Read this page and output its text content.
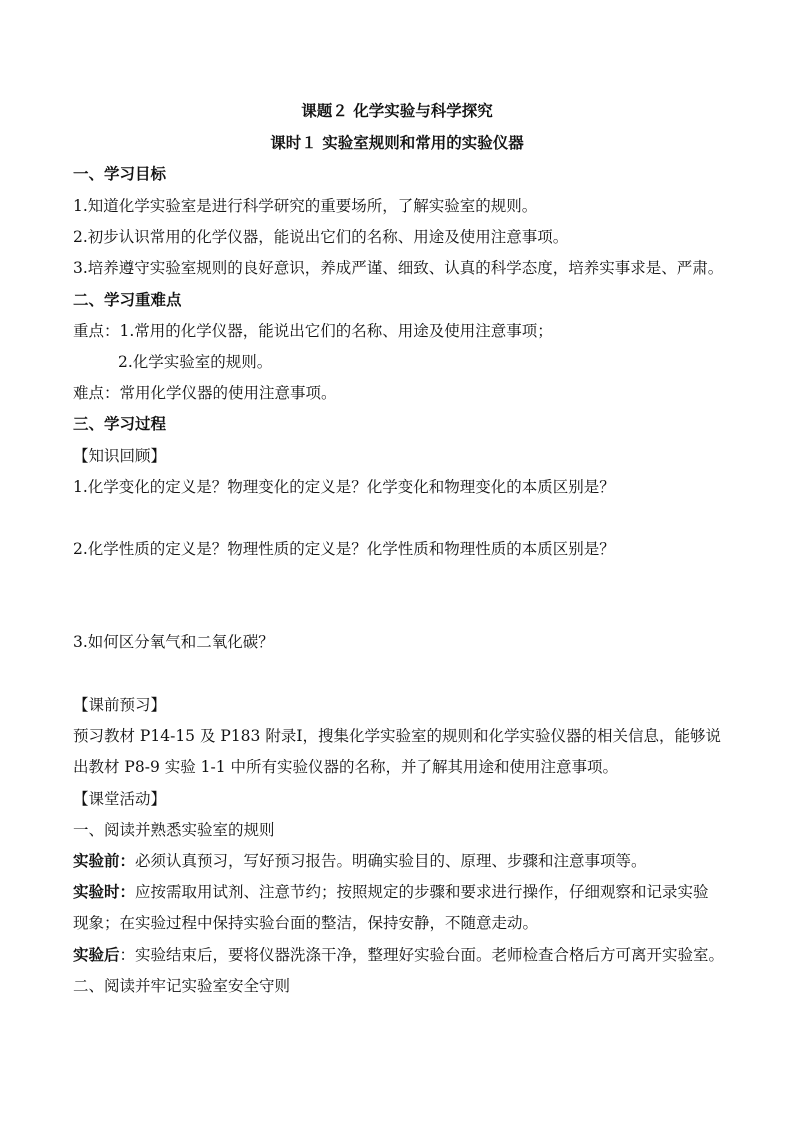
课题２ 化学实验与科学探究
课时１ 实验室规则和常用的实验仪器
一、学习目标
1.知道化学实验室是进行科学研究的重要场所，了解实验室的规则。
2.初步认识常用的化学仪器，能说出它们的名称、用途及使用注意事项。
3.培养遵守实验室规则的良好意识，养成严谨、细致、认真的科学态度，培养实事求是、严肃。
二、学习重难点
重点：1.常用的化学仪器，能说出它们的名称、用途及使用注意事项；
2.化学实验室的规则。
难点：常用化学仪器的使用注意事项。
三、学习过程
【知识回顾】
1.化学变化的定义是？物理变化的定义是？化学变化和物理变化的本质区别是？
2.化学性质的定义是？物理性质的定义是？化学性质和物理性质的本质区别是？
3.如何区分氧气和二氧化碳？
【课前预习】
预习教材 P14-15 及 P183 附录Ⅰ，搜集化学实验室的规则和化学实验仪器的相关信息，能够说
出教材 P8-9 实验 1-1 中所有实验仪器的名称，并了解其用途和使用注意事项。
【课堂活动】
一、阅读并熟悉实验室的规则
实验前：必须认真预习，写好预习报告。明确实验目的、原理、步骤和注意事项等。
实验时：应按需取用试剂、注意节约；按照规定的步骤和要求进行操作，仔细观察和记录实验
现象；在实验过程中保持实验台面的整洁，保持安静，不随意走动。
实验后：实验结束后，要将仪器洗涤干净，整理好实验台面。老师检查合格后方可离开实验室。
二、阅读并牢记实验室安全守则
